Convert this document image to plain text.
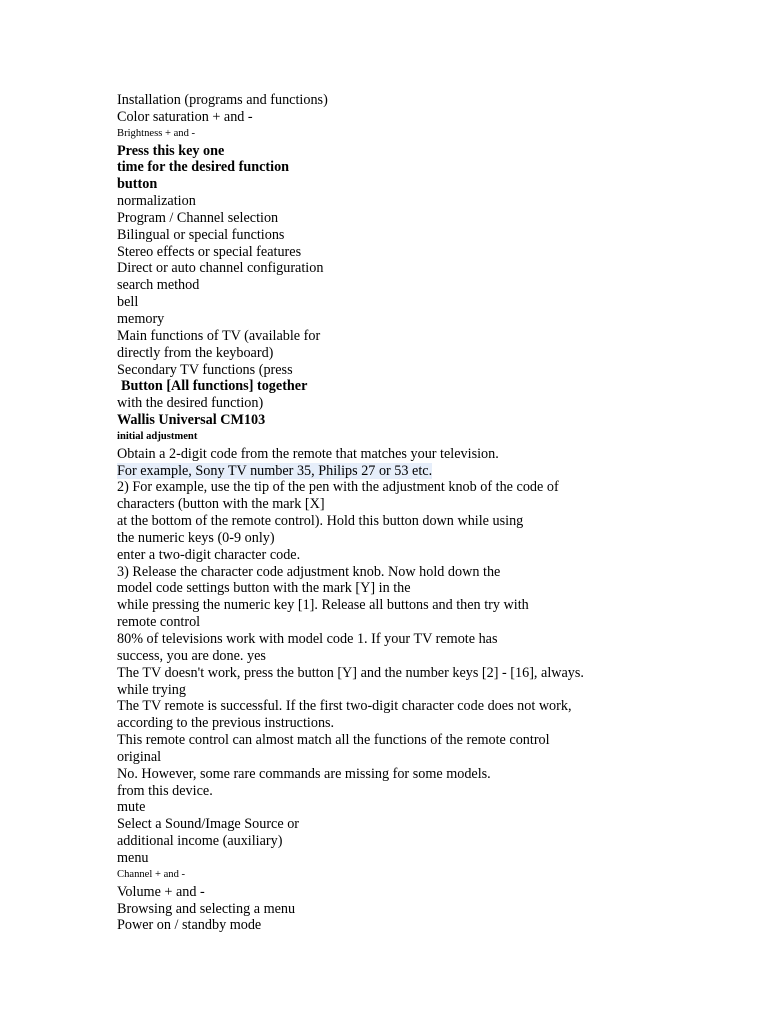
Installation (programs and functions)
Color saturation + and -
Brightness + and -
Press this key one
time for the desired function
button
normalization
Program / Channel selection
Bilingual or special functions
Stereo effects or special features
Direct or auto channel configuration
search method
bell
memory
Main functions of TV (available for
directly from the keyboard)
Secondary TV functions (press
Button [All functions] together
with the desired function)
Wallis Universal CM103
initial adjustment
Obtain a 2-digit code from the remote that matches your television.
For example, Sony TV number 35, Philips 27 or 53 etc.
2) For example, use the tip of the pen with the adjustment knob of the code of
characters (button with the mark [X]
at the bottom of the remote control). Hold this button down while using
the numeric keys (0-9 only)
enter a two-digit character code.
3) Release the character code adjustment knob. Now hold down the
model code settings button with the mark [Y] in the
while pressing the numeric key [1]. Release all buttons and then try with
remote control
80% of televisions work with model code 1. If your TV remote has
success, you are done. yes
The TV doesn't work, press the button [Y] and the number keys [2] - [16], always.
while trying
The TV remote is successful. If the first two-digit character code does not work,
according to the previous instructions.
This remote control can almost match all the functions of the remote control
original
No. However, some rare commands are missing for some models.
from this device.
mute
Select a Sound/Image Source or
additional income (auxiliary)
menu
Channel + and -
Volume + and -
Browsing and selecting a menu
Power on / standby mode
